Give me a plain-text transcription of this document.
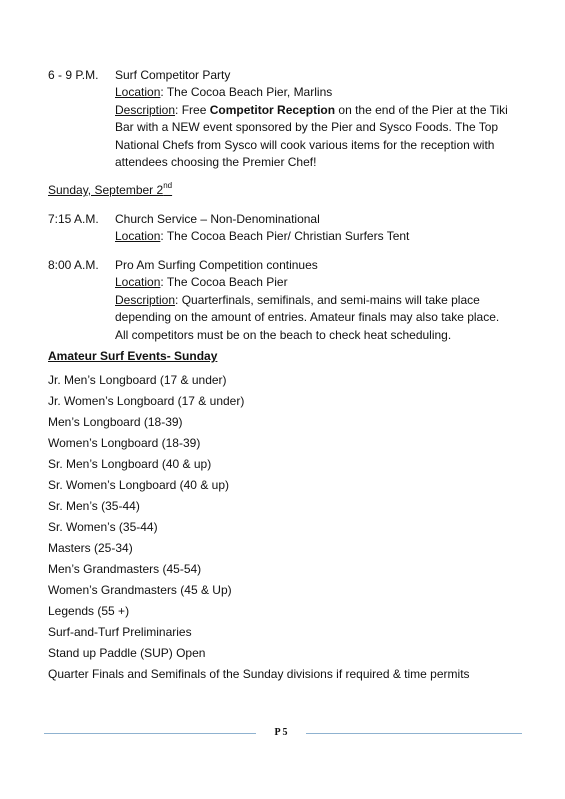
6 - 9 P.M.	Surf Competitor Party
Location: The Cocoa Beach Pier, Marlins
Description: Free Competitor Reception on the end of the Pier at the Tiki
Bar with a NEW event sponsored by the Pier and Sysco Foods. The Top
National Chefs from Sysco will cook various items for the reception with
attendees choosing the Premier Chef!
Sunday, September 2nd
7:15 A.M.	Church Service – Non-Denominational
Location: The Cocoa Beach Pier/ Christian Surfers Tent
8:00 A.M.	Pro Am Surfing Competition continues
Location: The Cocoa Beach Pier
Description: Quarterfinals, semifinals, and semi-mains will take place
depending on the amount of entries. Amateur finals may also take place.
All competitors must be on the beach to check heat scheduling.
Amateur Surf Events- Sunday
Jr. Men’s Longboard (17 & under)
Jr. Women’s Longboard (17 & under)
Men’s Longboard (18-39)
Women’s Longboard (18-39)
Sr. Men’s Longboard (40 & up)
Sr. Women’s Longboard (40 & up)
Sr. Men’s (35-44)
Sr. Women’s (35-44)
Masters (25-34)
Men’s Grandmasters (45-54)
Women’s Grandmasters (45 & Up)
Legends (55 +)
Surf-and-Turf Preliminaries
Stand up Paddle (SUP) Open
Quarter Finals and Semifinals of the Sunday divisions if required & time permits
P 5
